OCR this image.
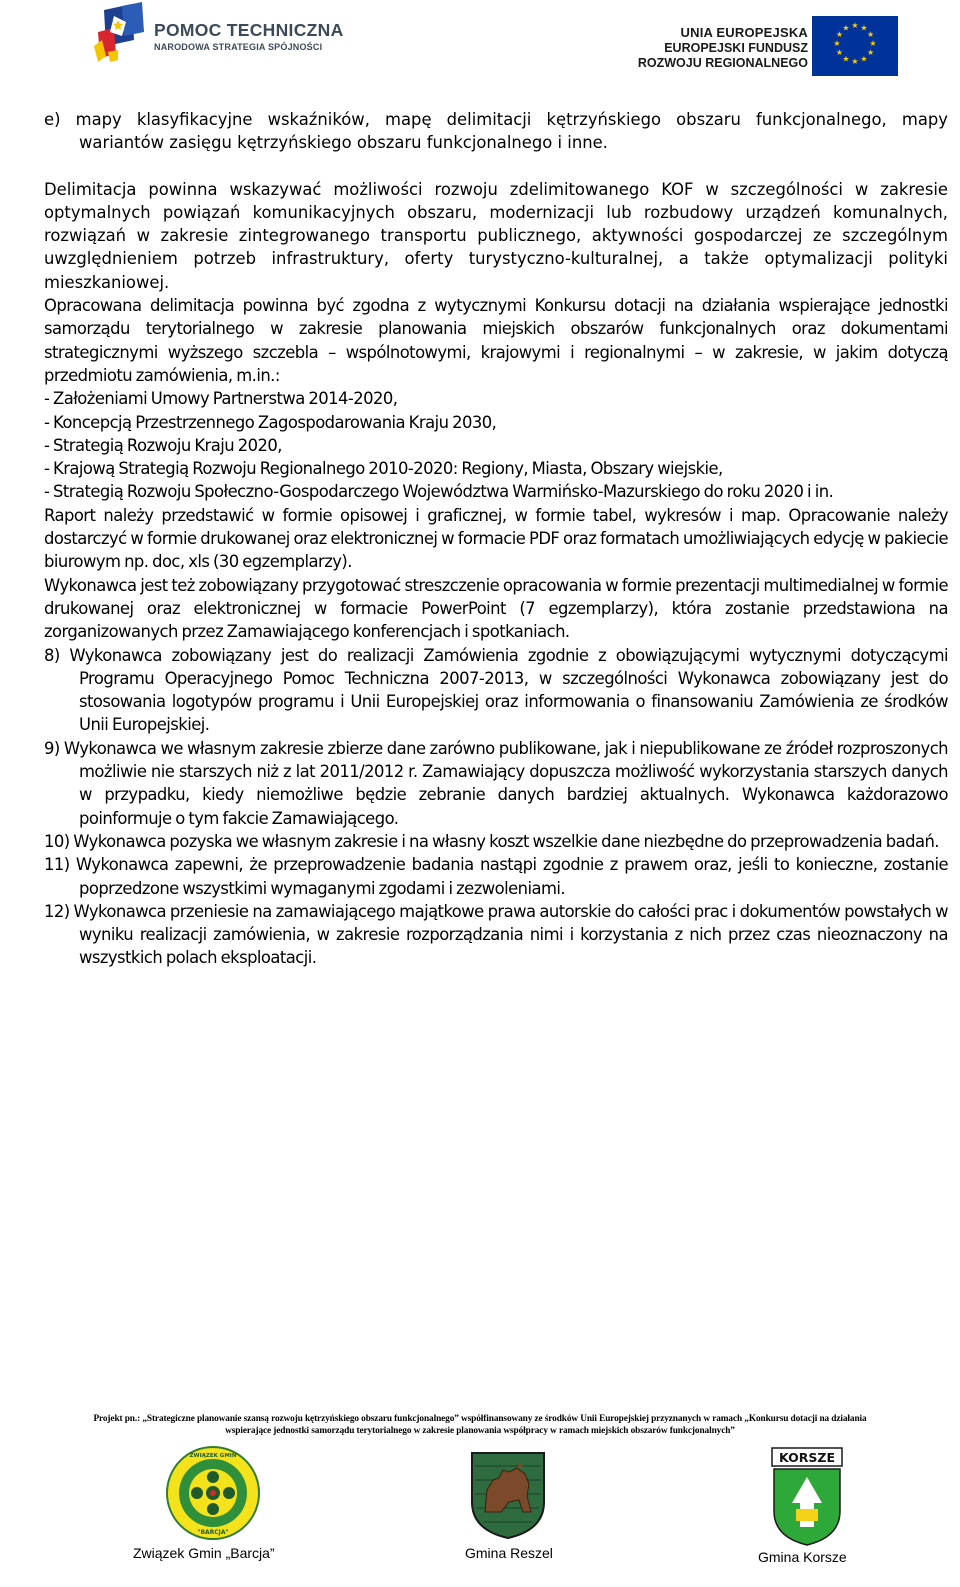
POMOC TECHNICZNA
NARODOWA STRATEGIA SPÓJNOŚCI
UNIA EUROPEJSKA
EUROPEJSKI FUNDUSZ
ROZWOJU REGIONALNEGO
★ ★
★
★
★
★
★
★
★
★
★
★

e) mapy klasyfikacyjne wskaźników, mapę delimitacji kętrzyńskiego obszaru funkcjonalnego, mapy wariantów zasięgu kętrzyńskiego obszaru funkcjonalnego i inne.

Delimitacja powinna wskazywać możliwości rozwoju zdelimitowanego KOF w szczególności w zakresie optymalnych powiązań komunikacyjnych obszaru, modernizacji lub rozbudowy urządzeń komunalnych, rozwiązań w zakresie zintegrowanego transportu publicznego, aktywności gospodarczej ze szczególnym uwzględnieniem potrzeb infrastruktury, oferty turystyczno-kulturalnej, a także optymalizacji polityki mieszkaniowej.

Opracowana delimitacja powinna być zgodna z wytycznymi Konkursu dotacji na działania wspierające jednostki samorządu terytorialnego w zakresie planowania miejskich obszarów funkcjonalnych oraz dokumentami strategicznymi wyższego szczebla – wspólnotowymi, krajowymi i regionalnymi – w zakresie, w jakim dotyczą przedmiotu zamówienia, m.in.:

- Założeniami Umowy Partnerstwa 2014-2020,

- Koncepcją Przestrzennego Zagospodarowania Kraju 2030,

- Strategią Rozwoju Kraju 2020,

- Krajową Strategią Rozwoju Regionalnego 2010-2020: Regiony, Miasta, Obszary wiejskie,

- Strategią Rozwoju Społeczno-Gospodarczego Województwa Warmińsko-Mazurskiego do roku 2020 i in.

Raport należy przedstawić w formie opisowej i graficznej, w formie tabel, wykresów i map. Opracowanie należy dostarczyć w formie drukowanej oraz elektronicznej w formacie PDF oraz formatach umożliwiających edycję w pakiecie biurowym np. doc, xls (30 egzemplarzy).

Wykonawca jest też zobowiązany przygotować streszczenie opracowania w formie prezentacji multimedialnej w formie drukowanej oraz elektronicznej w formacie PowerPoint (7 egzemplarzy), która zostanie przedstawiona na zorganizowanych przez Zamawiającego konferencjach i spotkaniach.

8) Wykonawca zobowiązany jest do realizacji Zamówienia zgodnie z obowiązującymi wytycznymi dotyczącymi Programu Operacyjnego Pomoc Techniczna 2007-2013, w szczególności Wykonawca zobowiązany jest do stosowania logotypów programu i Unii Europejskiej oraz informowania o finansowaniu Zamówienia ze środków Unii Europejskiej.

9) Wykonawca we własnym zakresie zbierze dane zarówno publikowane, jak i niepublikowane ze źródeł rozproszonych możliwie nie starszych niż z lat 2011/2012 r. Zamawiający dopuszcza możliwość wykorzystania starszych danych w przypadku, kiedy niemożliwe będzie zebranie danych bardziej aktualnych. Wykonawca każdorazowo poinformuje o tym fakcie Zamawiającego.

10) Wykonawca pozyska we własnym zakresie i na własny koszt wszelkie dane niezbędne do przeprowadzenia badań.

11) Wykonawca zapewni, że przeprowadzenie badania nastąpi zgodnie z prawem oraz, jeśli to konieczne, zostanie poprzedzone wszystkimi wymaganymi zgodami i zezwoleniami.

12) Wykonawca przeniesie na zamawiającego majątkowe prawa autorskie do całości prac i dokumentów powstałych w wyniku realizacji zamówienia, w zakresie rozporządzania nimi i korzystania z nich przez czas nieoznaczony na wszystkich polach eksploatacji.

Projekt pn.: „Strategiczne planowanie szansą rozwoju kętrzyńskiego obszaru funkcjonalnego” współfinansowany ze środków Unii Europejskiej przyznanych w ramach „Konkursu dotacji na działania
wspierające jednostki samorządu terytorialnego w zakresie planowania współpracy w ramach miejskich obszarów funkcjonalnych”
ZWIĄZEK GMIN
"BARCJA"
Związek Gmin „Barcja”	Gmina Reszel
KORSZE
Gmina Korsze
